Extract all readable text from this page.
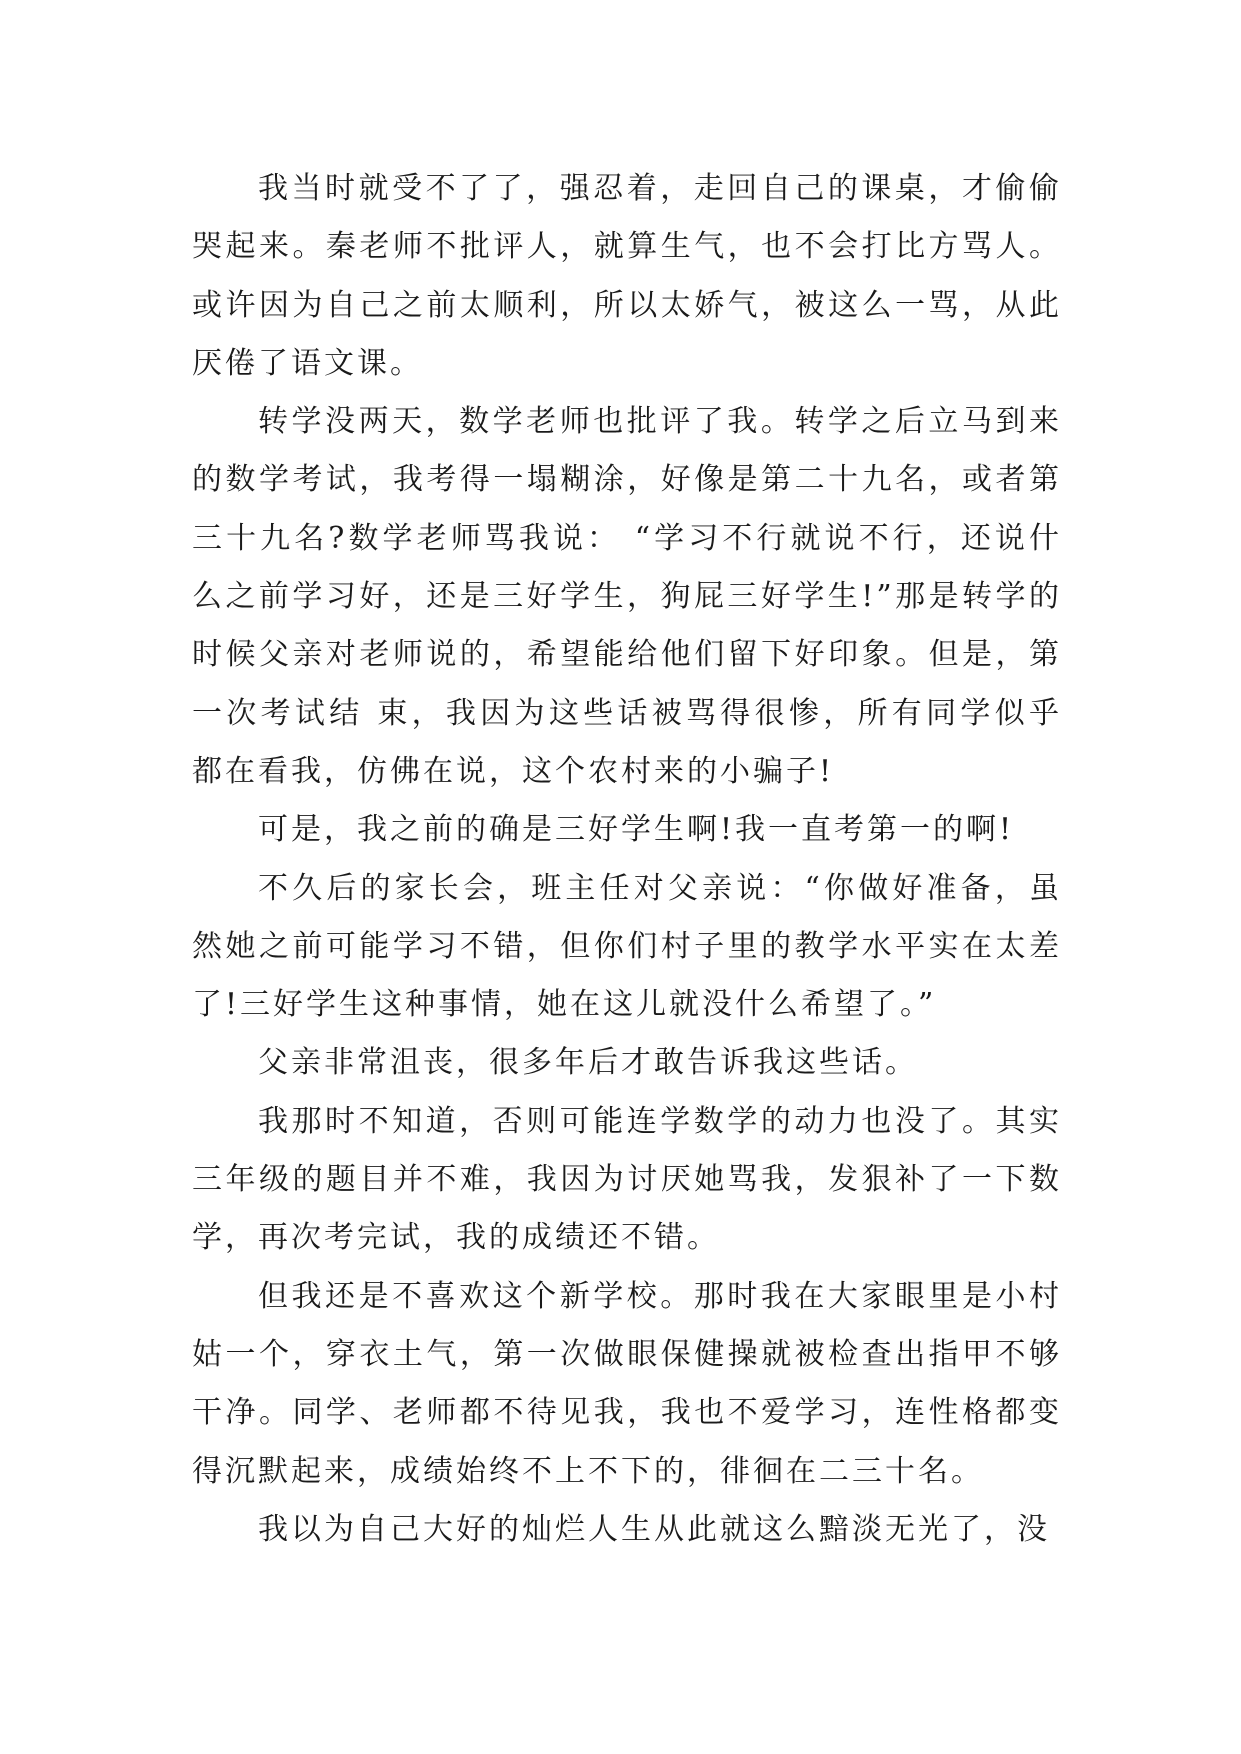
我当时就受不了了，强忍着，走回自己的课桌，才偷偷哭起来。秦老师不批评人，就算生气，也不会打比方骂人。或许因为自己之前太顺利，所以太娇气，被这么一骂，从此厌倦了语文课。

转学没两天，数学老师也批评了我。转学之后立马到来的数学考试，我考得一塌糊涂，好像是第二十九名，或者第三十九名?数学老师骂我说： “学习不行就说不行，还说什么之前学习好，还是三好学生，狗屁三好学生!”那是转学的时候父亲对老师说的，希望能给他们留下好印象。但是，第一次考试结 束，我因为这些话被骂得很惨，所有同学似乎都在看我，仿佛在说，这个农村来的小骗子!

可是，我之前的确是三好学生啊!我一直考第一的啊!

不久后的家长会，班主任对父亲说：“你做好准备，虽然她之前可能学习不错，但你们村子里的教学水平实在太差了!三好学生这种事情，她在这儿就没什么希望了。”

父亲非常沮丧，很多年后才敢告诉我这些话。

我那时不知道，否则可能连学数学的动力也没了。其实三年级的题目并不难，我因为讨厌她骂我，发狠补了一下数学，再次考完试，我的成绩还不错。

但我还是不喜欢这个新学校。那时我在大家眼里是小村姑一个，穿衣土气，第一次做眼保健操就被检查出指甲不够干净。同学、老师都不待见我，我也不爱学习，连性格都变得沉默起来，成绩始终不上不下的，徘徊在二三十名。

我以为自己大好的灿烂人生从此就这么黯淡无光了，没
